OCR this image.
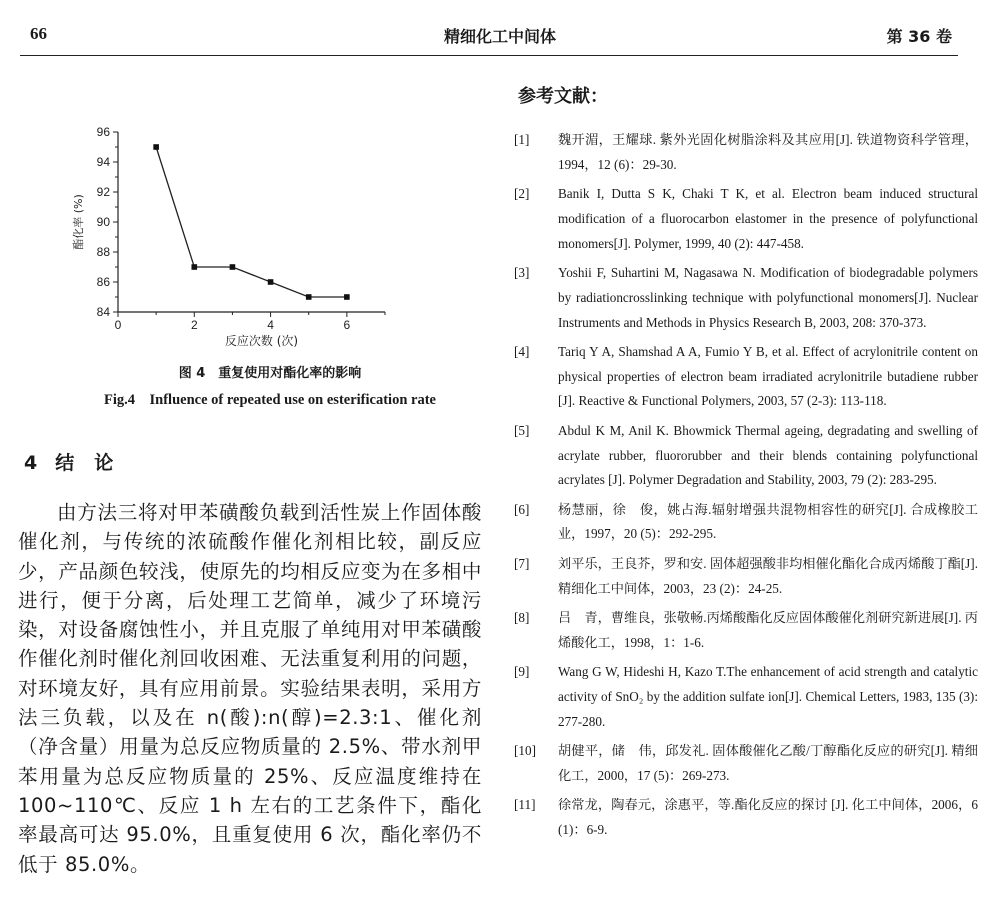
66	精细化工中间体	第 36 卷
84
86
88
90
92
94
96
0	2	4	6
反应次数 (次)
酯化率 (%)
图 4　重复使用对酯化率的影响
Fig.4　Influence of repeated use on esterification rate
4 结 论
由方法三将对甲苯磺酸负载到活性炭上作固体酸催化剂，与传统的浓硫酸作催化剂相比较，副反应少，产品颜色较浅，使原先的均相反应变为在多相中进行，便于分离，后处理工艺简单，减少了环境污染，对设备腐蚀性小，并且克服了单纯用对甲苯磺酸作催化剂时催化剂回收困难、无法重复利用的问题，对环境友好，具有应用前景。实验结果表明，采用方法三负载，以及在 n(酸):n(醇)=2.3:1、催化剂（净含量）用量为总反应物质量的 2.5%、带水剂甲苯用量为总反应物质量的 25%、反应温度维持在 100~110℃、反应 1 h 左右的工艺条件下，酯化率最高可达 95.0%，且重复使用 6 次，酯化率仍不低于 85.0%。
参考文献：
[1] 魏开湄，王耀球. 紫外光固化树脂涂料及其应用[J]. 铁道物资科学管理，1994，12 (6)：29-30.
[2] Banik I, Dutta S K, Chaki T K, et al. Electron beam induced structural modification of a fluorocarbon elastomer in the presence of polyfunctional monomers[J]. Polymer, 1999, 40 (2): 447-458.
[3] Yoshii F, Suhartini M, Nagasawa N. Modification of biodegradable polymers by radiationcrosslinking technique with polyfunctional monomers[J]. Nuclear Instruments and Methods in Physics Research B, 2003, 208: 370-373.
[4] Tariq Y A, Shamshad A A, Fumio Y B, et al. Effect of acrylonitrile content on physical properties of electron beam irradiated acrylonitrile butadiene rubber [J]. Reactive & Functional Polymers, 2003, 57 (2-3): 113-118.
[5] Abdul K M, Anil K. Bhowmick Thermal ageing, degradating and swelling of acrylate rubber, fluororubber and their blends containing polyfunctional acrylates [J]. Polymer Degradation and Stability, 2003, 79 (2): 283-295.
[6] 杨慧丽，徐　俊，姚占海.辐射增强共混物相容性的研究[J]. 合成橡胶工业，1997，20 (5)：292-295.
[7] 刘平乐，王良芥，罗和安. 固体超强酸非均相催化酯化合成丙烯酸丁酯[J]. 精细化工中间体，2003，23 (2)：24-25.
[8] 吕　青，曹维良，张敬畅.丙烯酸酯化反应固体酸催化剂研究新进展[J]. 丙烯酸化工，1998，1：1-6.
[9] Wang G W, Hideshi H, Kazo T.The enhancement of acid strength and catalytic activity of SnO₂ by the addition sulfate ion[J]. Chemical Letters, 1983, 135 (3): 277-280.
[10] 胡健平，储　伟，邱发礼. 固体酸催化乙酸/丁醇酯化反应的研究[J]. 精细化工，2000，17 (5)：269-273.
[11] 徐常龙，陶春元，涂惠平，等.酯化反应的探讨 [J]. 化工中间体，2006，6 (1)：6-9.
